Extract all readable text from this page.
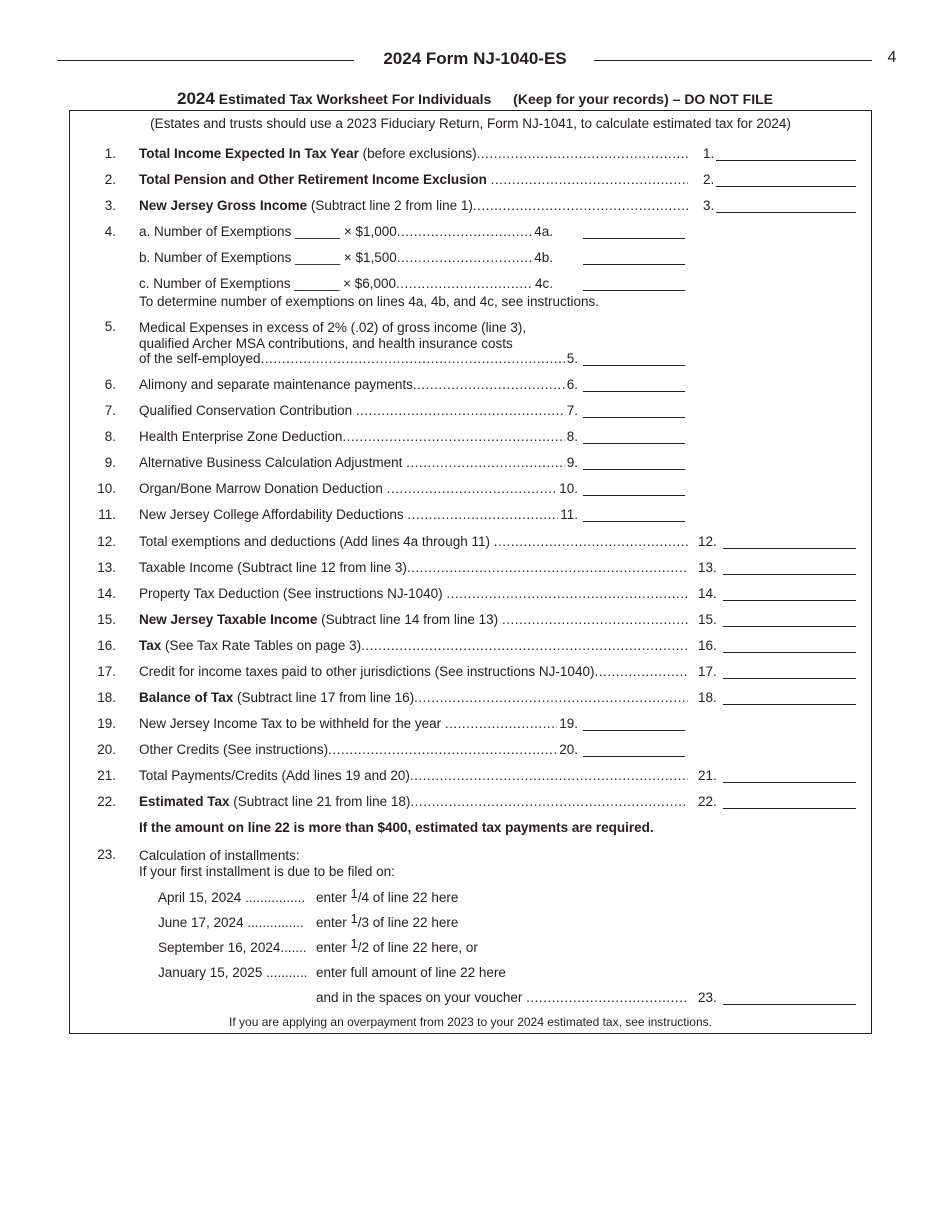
2024 Form NJ-1040-ES	4
2024 Estimated Tax Worksheet For Individuals (Keep for your records) – DO NOT FILE
(Estates and trusts should use a 2023 Fiduciary Return, Form NJ-1041, to calculate estimated tax for 2024)
1. Total Income Expected In Tax Year (before exclusions) .....	1.
2. Total Pension and Other Retirement Income Exclusion .....	2.
3. New Jersey Gross Income (Subtract line 2 from line 1) .....	3.
4. a. Number of Exemptions ______ × $1,000	4a.
.....
b. Number of Exemptions ______ × $1,500	4b.
.....
c. Number of Exemptions ______ × $6,000	4c.
.....
To determine number of exemptions on lines 4a, 4b, and 4c, see instructions.
5. Medical Expenses in excess of 2% (.02) of gross income (line 3),
qualified Archer MSA contributions, and health insurance costs
of the self-employed	5.
.....
6. Alimony and separate maintenance payments	6.
.....
7. Qualified Conservation Contribution	7.
.....
8. Health Enterprise Zone Deduction	8.
.....
9. Alternative Business Calculation Adjustment	9.
.....
10. Organ/Bone Marrow Donation Deduction	10.
.....
11. New Jersey College Affordability Deductions	11.
.....
12. Total exemptions and deductions (Add lines 4a through 11) .....	12.
13. Taxable Income (Subtract line 12 from line 3) .....	13.
14. Property Tax Deduction (See instructions NJ-1040) .....	14.
15. New Jersey Taxable Income (Subtract line 14 from line 13) .....	15.
16. Tax (See Tax Rate Tables on page 3) .....	16.
17. Credit for income taxes paid to other jurisdictions (See instructions NJ-1040) .....	17.
18. Balance of Tax (Subtract line 17 from line 16) .....	18.
19. New Jersey Income Tax to be withheld for the year	19.
.....
20. Other Credits (See instructions)	20.
.....
21. Total Payments/Credits (Add lines 19 and 20) .....	21.
22. Estimated Tax (Subtract line 21 from line 18) .....	22.
If the amount on line 22 is more than $400, estimated tax payments are required.
23. Calculation of installments:
If your first installment is due to be filed on:
April 15, 2024 ................ enter $^1$/4 of line 22 here
June 17, 2024 ............... enter $^1$/3 of line 22 here
September 16, 2024....... enter $^1$/2 of line 22 here, or
January 15, 2025 ........... enter full amount of line 22 here
and in the spaces on your voucher .....	23.
If you are applying an overpayment from 2023 to your 2024 estimated tax, see instructions.
